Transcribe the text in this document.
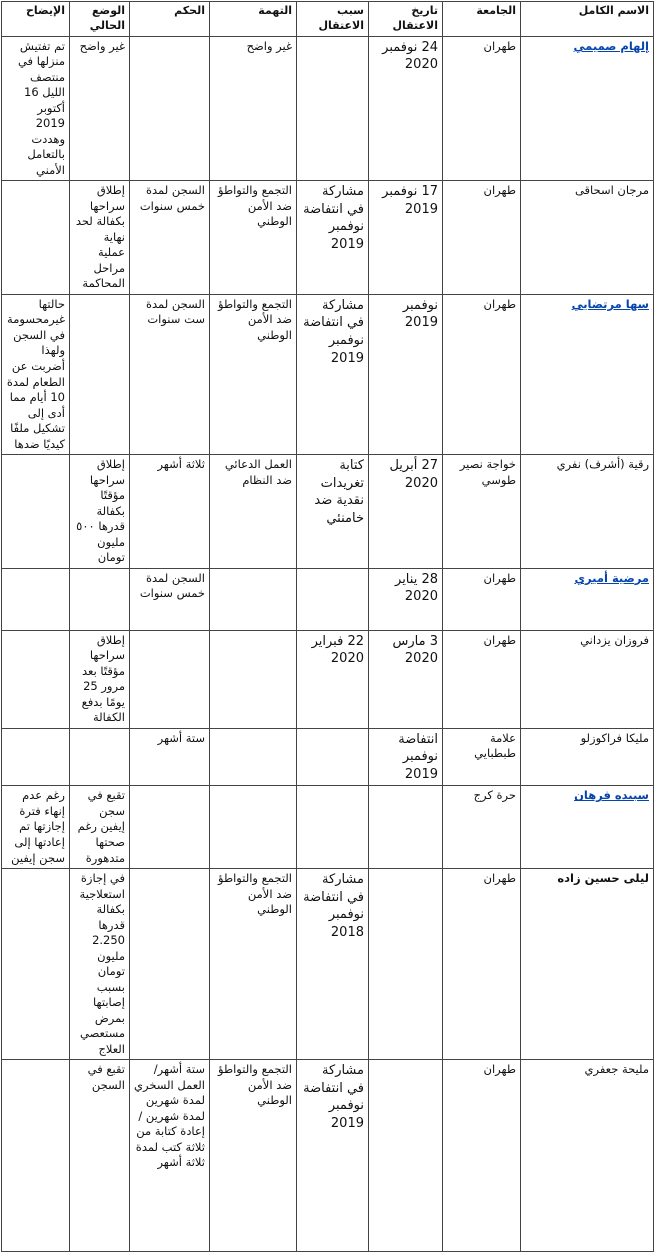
الاسم الكامل	الجامعة	تاريخ الاعتقال	سبب الاعتقال	التهمة	الحكم	الوضع الحالي	الإيضاح
إلهام صميمي	طهران	24 نوفمبر 2020		غير واضح		غير واضح	تم تفتيش منزلها في منتصف الليل 16 أكتوبر 2019 وهددت بالتعامل الأمني
مرجان اسحاقی	طهران	17 نوفمبر 2019	مشاركة في انتفاضة نوفمبر 2019	التجمع والتواطؤ ضد الأمن الوطني	السجن لمدة خمس سنوات	إطلاق سراحها بكفالة لحد نهاية عملية مراحل المحاكمة	
سها مرتضايي	طهران	نوفمبر 2019	مشاركة في انتفاضة نوفمبر 2019	التجمع والتواطؤ ضد الأمن الوطني	السجن لمدة ست سنوات		حالتها غيرمحسومة في السجن ولهذا أضربت عن الطعام لمدة 10 أيام مما أدى إلى تشكيل ملفًا كيديًا ضدها
رقية (أشرف) نفري	خواجة نصير طوسي	27 أبريل 2020	كتابة تغريدات نقدية ضد خامنئي	العمل الدعائي ضد النظام	ثلاثة أشهر	إطلاق سراحها مؤقتًا بكفالة قدرها ٥٠٠ مليون تومان	
مرضية أميري	طهران	28 يناير 2020			السجن لمدة خمس سنوات		
فروزان يزداني	طهران	3 مارس 2020	22 فبراير 2020			إطلاق سراحها مؤقتًا بعد مرور 25 يومًا بدفع الكفالة	
مليكا فراكوزلو	علامة طبطبايي	انتفاضة نوفمبر 2019			ستة أشهر		
سبيده فرهان	حرة كرج					تقبع في سجن إيفين رغم صحتها متدهورة	رغم عدم إنهاء فترة إجازتها تم إعادتها إلى سجن إيفين
ليلى حسين زاده	طهران		مشاركة في انتفاضة نوفمبر 2018	التجمع والتواطؤ ضد الأمن الوطني		في إجازة استعلاجية بكفالة قدرها 2.250 مليون تومان بسبب إصابتها بمرض مستعصي العلاج	
مليحة جعفري	طهران		مشاركة في انتفاضة نوفمبر 2019	التجمع والتواطؤ ضد الأمن الوطني	ستة أشهر/ العمل السخري لمدة شهرين لمدة شهرين / إعادة كتابة من ثلاثة كتب لمدة ثلاثة أشهر	تقبع في السجن	
